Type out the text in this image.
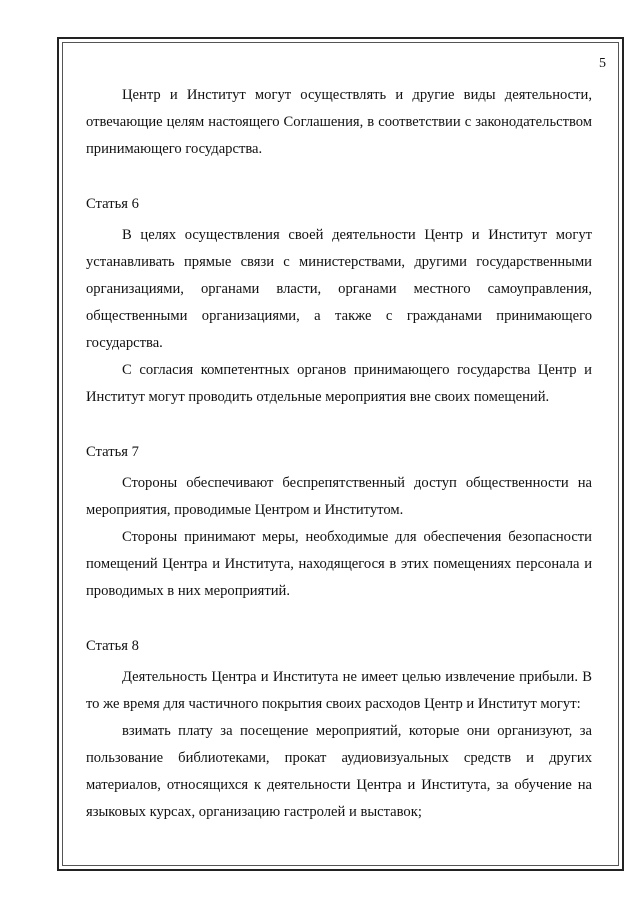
5

Центр и Институт могут осуществлять и другие виды деятельности, отвечающие целям настоящего Соглашения, в соответствии с законодательством принимающего государства.

Статья 6

В целях осуществления своей деятельности Центр и Институт могут устанавливать прямые связи с министерствами, другими государственными организациями, органами власти, органами местного самоуправления, общественными организациями, а также с гражданами принимающего государства.

С согласия компетентных органов принимающего государства Центр и Институт могут проводить отдельные мероприятия вне своих помещений.

Статья 7

Стороны обеспечивают беспрепятственный доступ общественности на мероприятия, проводимые Центром и Институтом.

Стороны принимают меры, необходимые для обеспечения безопасности помещений Центра и Института, находящегося в этих помещениях персонала и проводимых в них мероприятий.

Статья 8

Деятельность Центра и Института не имеет целью извлечение прибыли. В то же время для частичного покрытия своих расходов Центр и Институт могут:

взимать плату за посещение мероприятий, которые они организуют, за пользование библиотеками, прокат аудиовизуальных средств и других материалов, относящихся к деятельности Центра и Института, за обучение на языковых курсах, организацию гастролей и выставок;
